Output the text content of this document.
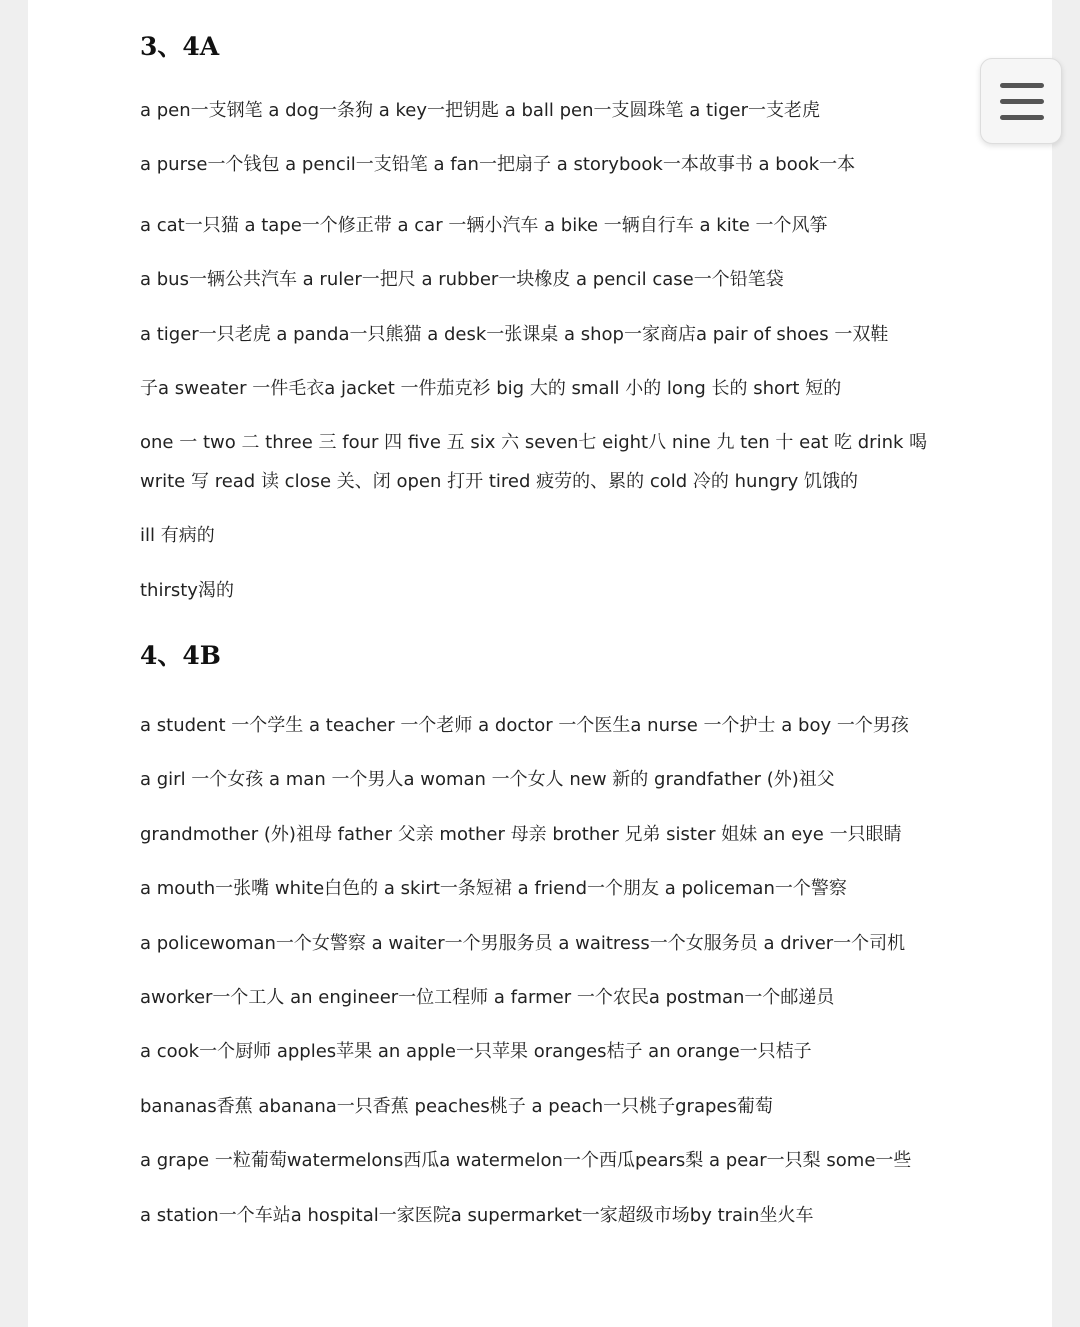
3、4A
a pen一支钢笔 a dog一条狗 a key一把钥匙 a ball pen一支圆珠笔 a tiger一支老虎
a purse一个钱包 a pencil一支铅笔 a fan一把扇子 a storybook一本故事书 a book一本
a cat一只猫 a tape一个修正带 a car 一辆小汽车 a bike 一辆自行车 a kite 一个风筝
a bus一辆公共汽车 a ruler一把尺 a rubber一块橡皮 a pencil case一个铅笔袋
a tiger一只老虎 a panda一只熊猫 a desk一张课桌 a shop一家商店a pair of shoes 一双鞋
子a sweater 一件毛衣a jacket 一件茄克衫 big 大的 small 小的 long 长的 short 短的
one 一 two 二 three 三 four 四 five 五 six 六 seven七 eight八 nine 九 ten 十 eat 吃 drink 喝
write 写 read 读 close 关、闭 open 打开 tired 疲劳的、累的 cold 冷的 hungry 饥饿的
ill 有病的
thirsty渴的
4、4B
a student 一个学生 a teacher 一个老师 a doctor 一个医生a nurse 一个护士 a boy 一个男孩
a girl 一个女孩 a man 一个男人a woman 一个女人 new 新的 grandfather (外)祖父
grandmother (外)祖母 father 父亲 mother 母亲 brother 兄弟 sister 姐妹 an eye 一只眼睛
a mouth一张嘴 white白色的 a skirt一条短裙 a friend一个朋友 a policeman一个警察
a policewoman一个女警察 a waiter一个男服务员 a waitress一个女服务员 a driver一个司机
aworker一个工人 an engineer一位工程师 a farmer 一个农民a postman一个邮递员
a cook一个厨师 apples苹果 an apple一只苹果 oranges桔子 an orange一只桔子
bananas香蕉 abanana一只香蕉 peaches桃子 a peach一只桃子grapes葡萄
a grape 一粒葡萄watermelons西瓜a watermelon一个西瓜pears梨 a pear一只梨 some一些
a station一个车站a hospital一家医院a supermarket一家超级市场by train坐火车
